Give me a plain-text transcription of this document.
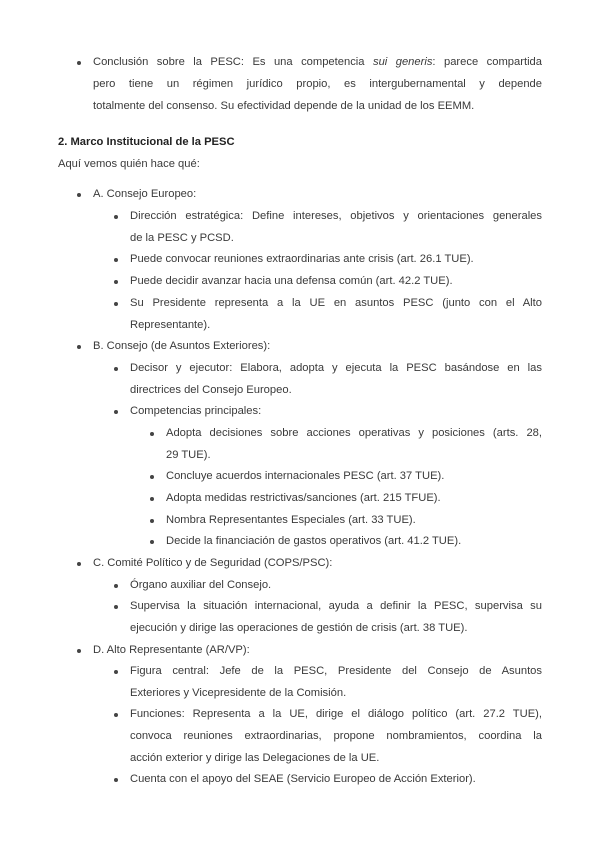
Conclusión sobre la PESC: Es una competencia sui generis: parece compartida
pero tiene un régimen jurídico propio, es intergubernamental y depende
totalmente del consenso. Su efectividad depende de la unidad de los EEMM.
2. Marco Institucional de la PESC
Aquí vemos quién hace qué:
A. Consejo Europeo:
Dirección estratégica: Define intereses, objetivos y orientaciones generales
de la PESC y PCSD.
Puede convocar reuniones extraordinarias ante crisis (art. 26.1 TUE).
Puede decidir avanzar hacia una defensa común (art. 42.2 TUE).
Su Presidente representa a la UE en asuntos PESC (junto con el Alto
Representante).
B. Consejo (de Asuntos Exteriores):
Decisor y ejecutor: Elabora, adopta y ejecuta la PESC basándose en las
directrices del Consejo Europeo.
Competencias principales:
Adopta decisiones sobre acciones operativas y posiciones (arts. 28,
29 TUE).
Concluye acuerdos internacionales PESC (art. 37 TUE).
Adopta medidas restrictivas/sanciones (art. 215 TFUE).
Nombra Representantes Especiales (art. 33 TUE).
Decide la financiación de gastos operativos (art. 41.2 TUE).
C. Comité Político y de Seguridad (COPS/PSC):
Órgano auxiliar del Consejo.
Supervisa la situación internacional, ayuda a definir la PESC, supervisa su
ejecución y dirige las operaciones de gestión de crisis (art. 38 TUE).
D. Alto Representante (AR/VP):
Figura central: Jefe de la PESC, Presidente del Consejo de Asuntos
Exteriores y Vicepresidente de la Comisión.
Funciones: Representa a la UE, dirige el diálogo político (art. 27.2 TUE),
convoca reuniones extraordinarias, propone nombramientos, coordina la
acción exterior y dirige las Delegaciones de la UE.
Cuenta con el apoyo del SEAE (Servicio Europeo de Acción Exterior).
